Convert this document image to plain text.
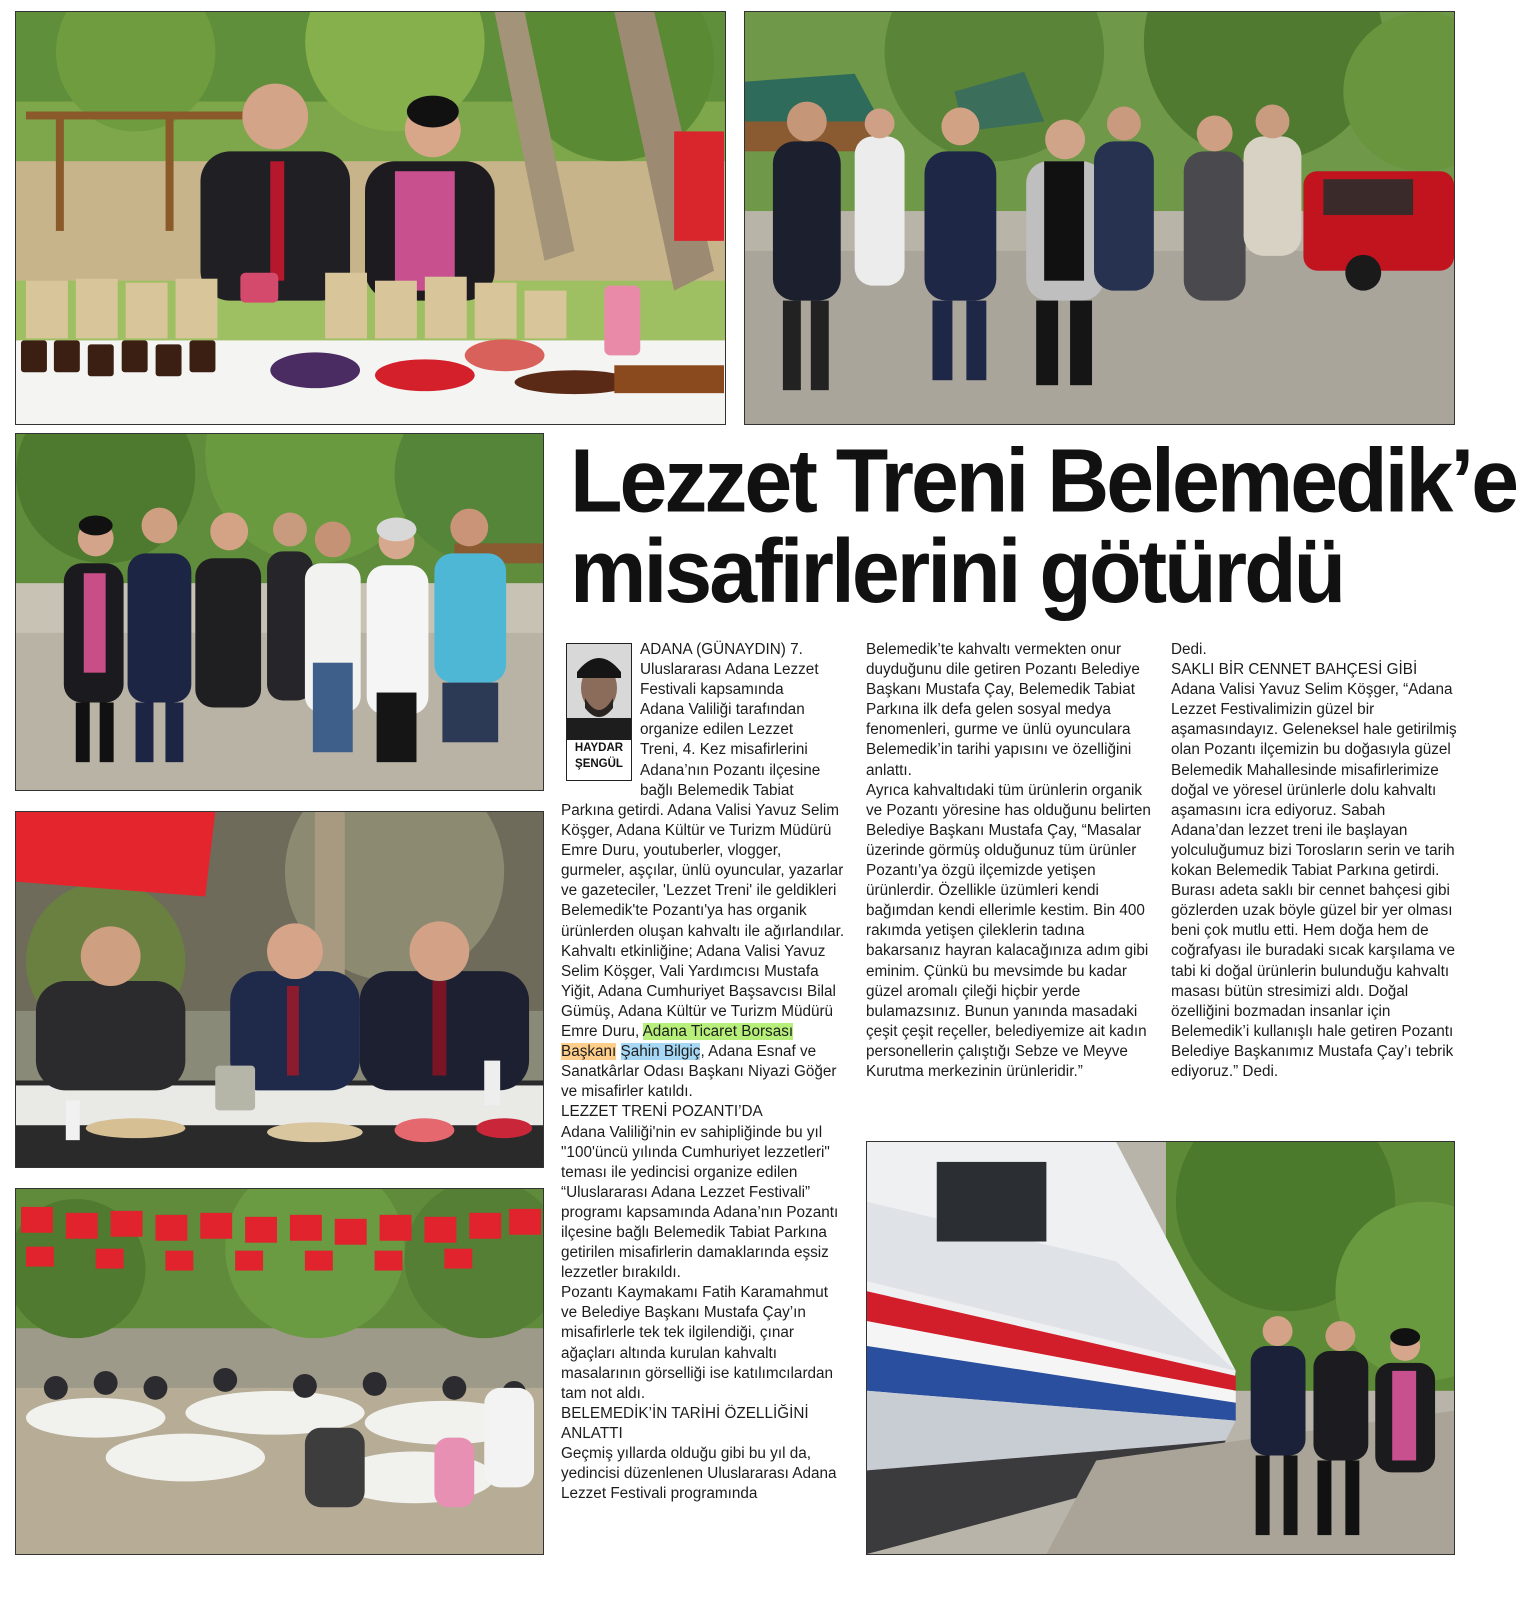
Lezzet Treni Belemedik’e
misafirlerini götürdü
HAYDAR
ŞENGÜL

ADANA (GÜNAYDIN) 7.

Uluslararası Adana Lezzet

Festivali kapsamında

Adana Valiliği tarafından

organize edilen Lezzet

Treni, 4. Kez misafirlerini

Adana’nın Pozantı ilçesine

bağlı Belemedik Tabiat

Parkına getirdi. Adana Valisi Yavuz Selim Köşger, Adana Kültür ve Turizm Müdürü Emre Duru, youtuberler, vlogger, gurmeler, aşçılar, ünlü oyuncular, yazarlar ve gazeteciler, 'Lezzet Treni' ile geldikleri Belemedik'te Pozantı'ya has organik ürünlerden oluşan kahvaltı ile ağırlandılar.

Kahvaltı etkinliğine; Adana Valisi Yavuz Selim Köşger, Vali Yardımcısı Mustafa Yiğit, Adana Cumhuriyet Başsavcısı Bilal Gümüş, Adana Kültür ve Turizm Müdürü Emre Duru, Adana Ticaret Borsası Başkanı Şahin Bilgiç, Adana Esnaf ve Sanatkârlar Odası Başkanı Niyazi Göğer ve misafirler katıldı.

LEZZET TRENİ POZANTI’DA

Adana Valiliği'nin ev sahipliğinde bu yıl "100'üncü yılında Cumhuriyet lezzetleri" teması ile yedincisi organize edilen “Uluslararası Adana Lezzet Festivali” programı kapsamında Adana’nın Pozantı ilçesine bağlı Belemedik Tabiat Parkına getirilen misafirlerin damaklarında eşsiz lezzetler bırakıldı.

Pozantı Kaymakamı Fatih Karamahmut ve Belediye Başkanı Mustafa Çay’ın misafirlerle tek tek ilgilendiği, çınar ağaçları altında kurulan kahvaltı masalarının görselliği ise katılımcılardan tam not aldı.

BELEMEDİK’İN TARİHİ ÖZELLİĞİNİ ANLATTI

Geçmiş yıllarda olduğu gibi bu yıl da, yedincisi düzenlenen Uluslararası Adana Lezzet Festivali programında

Belemedik’te kahvaltı vermekten onur duyduğunu dile getiren Pozantı Belediye Başkanı Mustafa Çay, Belemedik Tabiat Parkına ilk defa gelen sosyal medya fenomenleri, gurme ve ünlü oyunculara Belemedik’in tarihi yapısını ve özelliğini anlattı.

Ayrıca kahvaltıdaki tüm ürünlerin organik ve Pozantı yöresine has olduğunu belirten Belediye Başkanı Mustafa Çay, “Masalar üzerinde görmüş olduğunuz tüm ürünler Pozantı’ya özgü ilçemizde yetişen ürünlerdir. Özellikle üzümleri kendi bağımdan kendi ellerimle kestim. Bin 400 rakımda yetişen çileklerin tadına bakarsanız hayran kalacağınıza adım gibi eminim. Çünkü bu mevsimde bu kadar güzel aromalı çileği hiçbir yerde bulamazsınız. Bunun yanında masadaki çeşit çeşit reçeller, belediyemize ait kadın personellerin çalıştığı Sebze ve Meyve Kurutma merkezinin ürünleridir.”

Dedi.

SAKLI BİR CENNET BAHÇESİ GİBİ

Adana Valisi Yavuz Selim Köşger, “Adana Lezzet Festivalimizin güzel bir aşamasındayız. Geleneksel hale getirilmiş olan Pozantı ilçemizin bu doğasıyla güzel Belemedik Mahallesinde misafirlerimize doğal ve yöresel ürünlerle dolu kahvaltı aşamasını icra ediyoruz. Sabah Adana’dan lezzet treni ile başlayan yolculuğumuz bizi Torosların serin ve tarih kokan Belemedik Tabiat Parkına getirdi. Burası adeta saklı bir cennet bahçesi gibi gözlerden uzak böyle güzel bir yer olması beni çok mutlu etti. Hem doğa hem de coğrafyası ile buradaki sıcak karşılama ve tabi ki doğal ürünlerin bulunduğu kahvaltı masası bütün stresimizi aldı. Doğal özelliğini bozmadan insanlar için Belemedik’i kullanışlı hale getiren Pozantı Belediye Başkanımız Mustafa Çay’ı tebrik ediyoruz.” Dedi.
